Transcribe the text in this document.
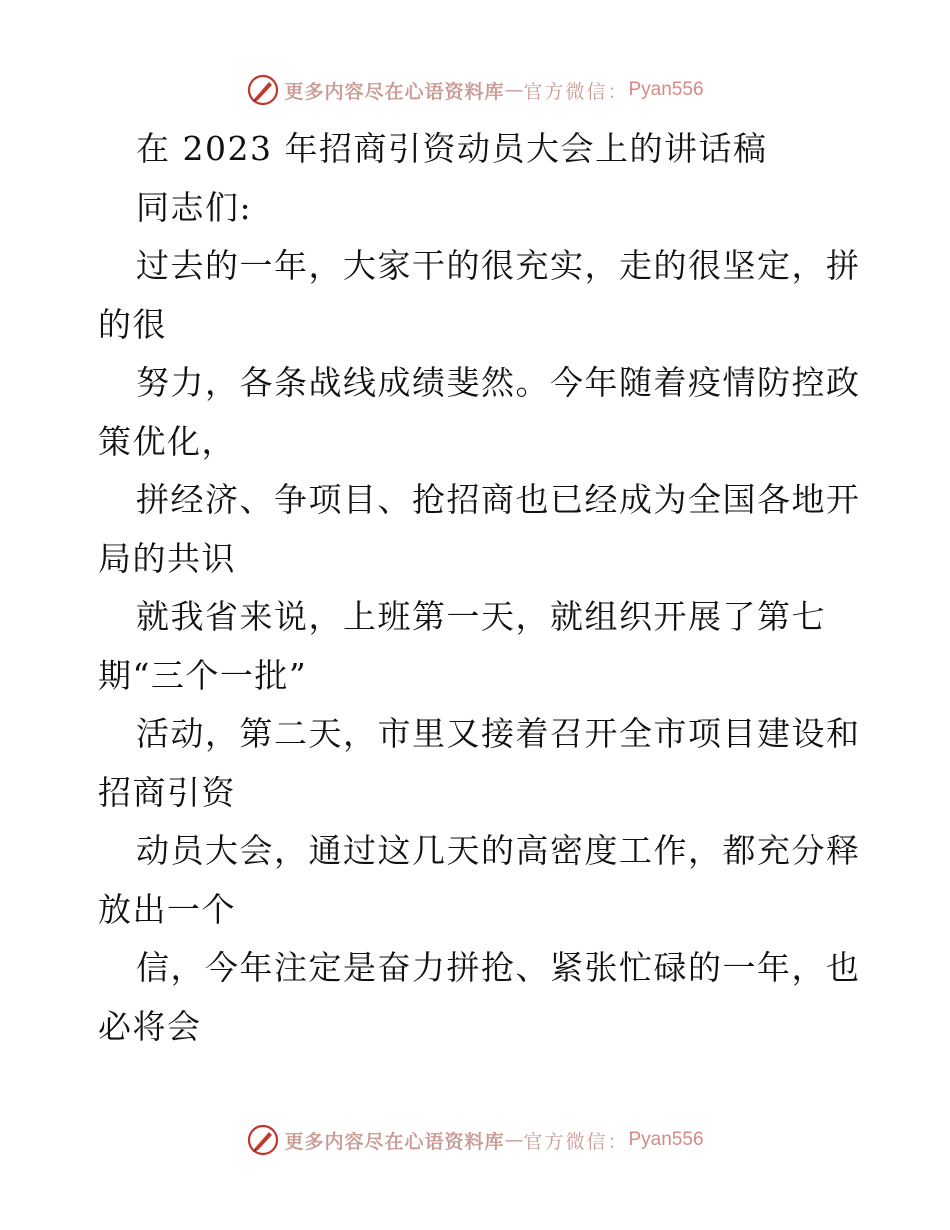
更多内容尽在心语资料库 — 官方微信： Pyan556
在 2023 年招商引资动员大会上的讲话稿
同志们:
过去的一年，大家干的很充实，走的很坚定，拼
的很
努力，各条战线成绩斐然。今年随着疫情防控政
策优化，
拼经济、争项目、抢招商也已经成为全国各地开
局的共识
就我省来说，上班第一天，就组织开展了第七
期“三个一批”
活动，第二天，市里又接着召开全市项目建设和
招商引资
动员大会，通过这几天的高密度工作，都充分释
放出一个
信，今年注定是奋力拼抢、紧张忙碌的一年，也
必将会
更多内容尽在心语资料库 — 官方微信： Pyan556
